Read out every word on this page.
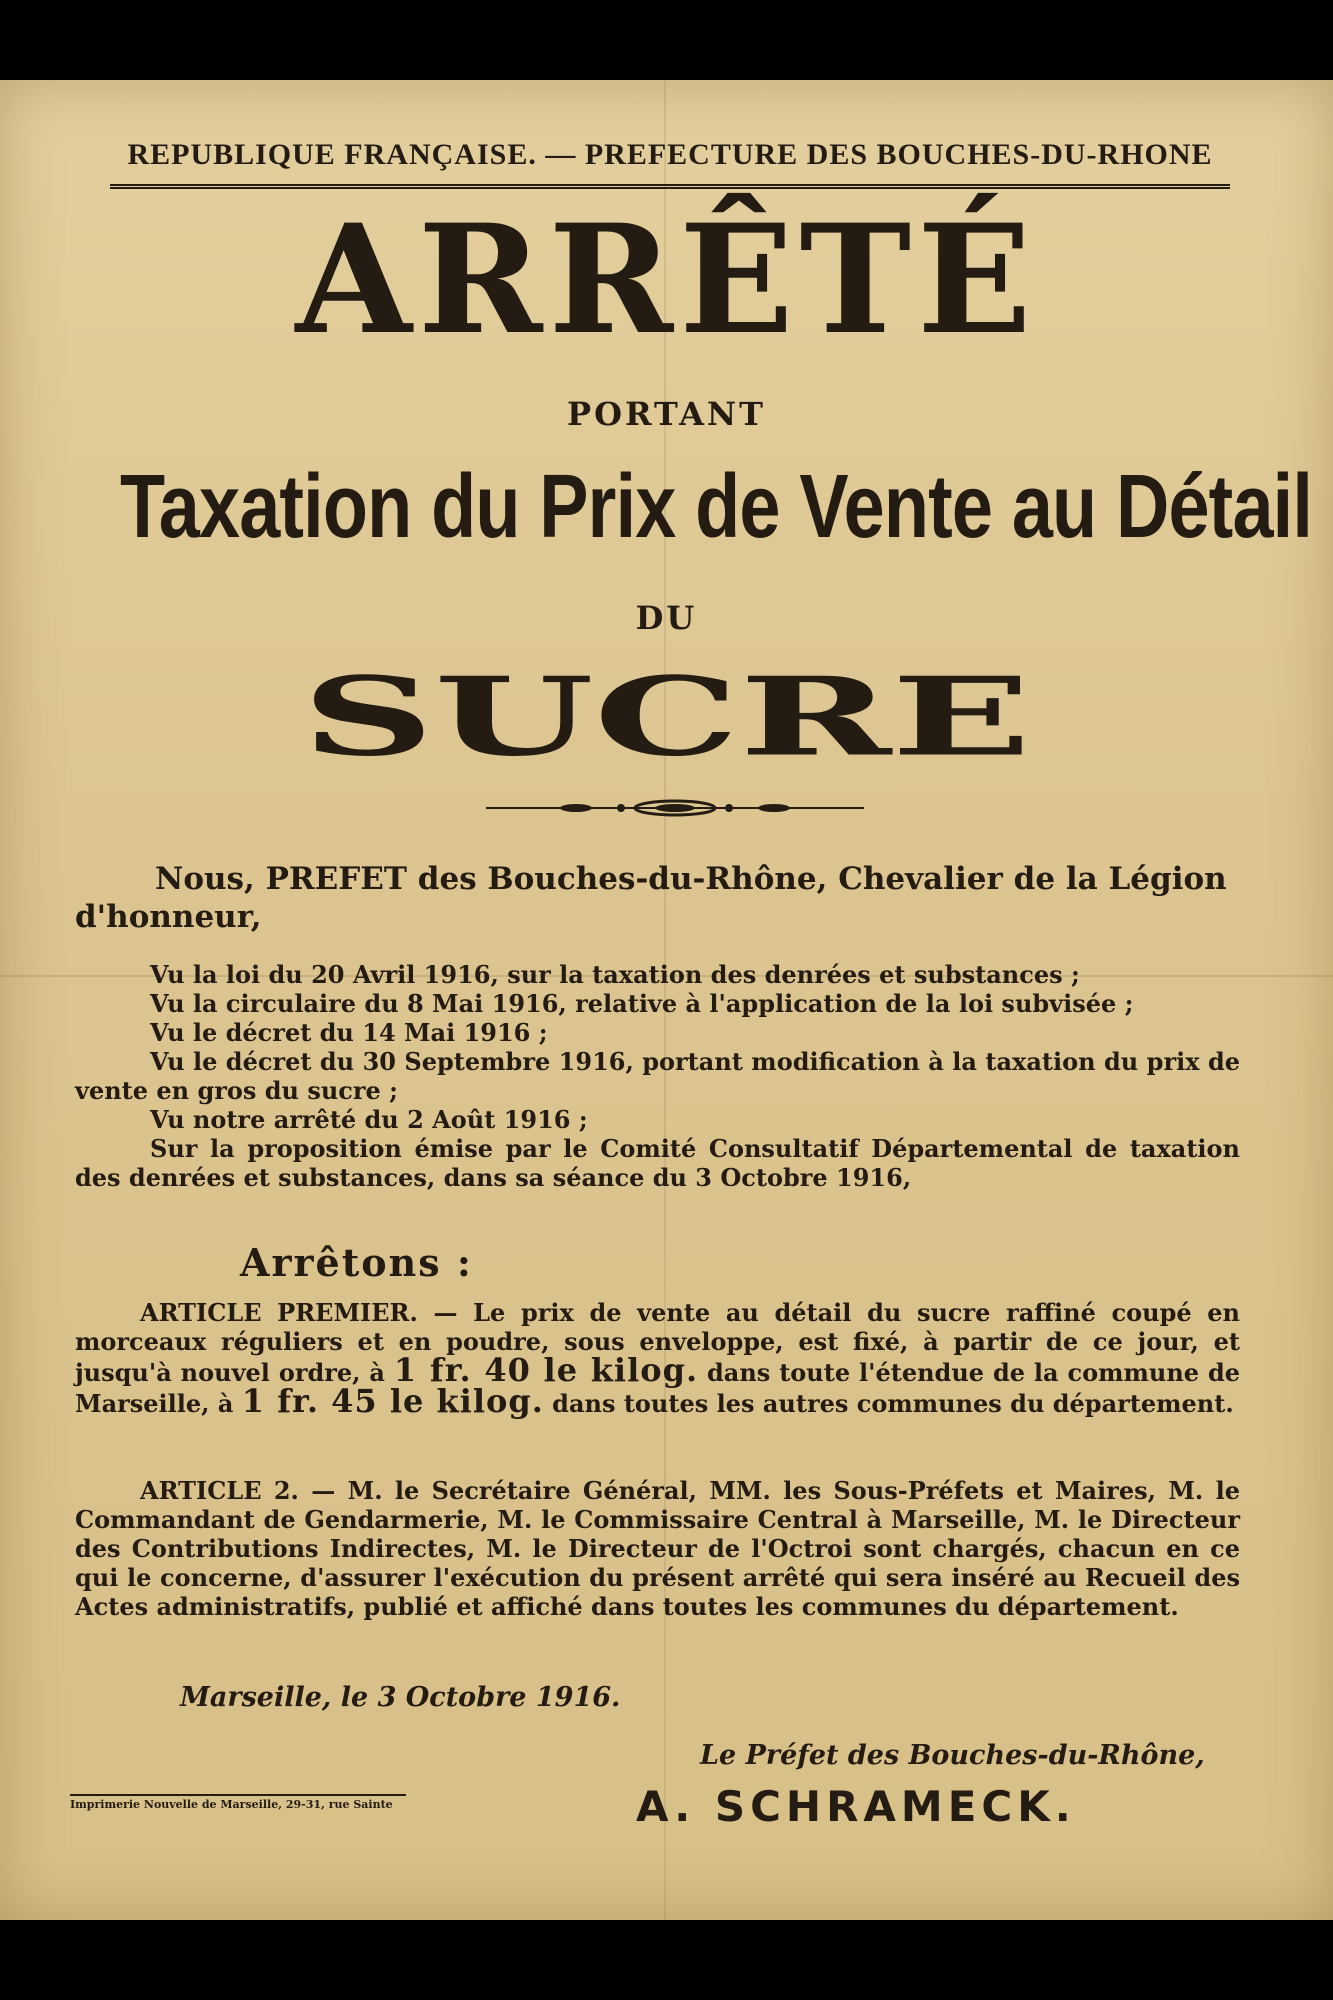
REPUBLIQUE FRANÇAISE. — PREFECTURE DES BOUCHES-DU-RHONE
ARRÊTÉ
PORTANT
Taxation du Prix de Vente au Détail
DU
SUCRE
Nous, PREFET des Bouches-du-Rhône, Chevalier de la Légion d'honneur,

Vu la loi du 20 Avril 1916, sur la taxation des denrées et substances ;

Vu la circulaire du 8 Mai 1916, relative à l'application de la loi subvisée ;

Vu le décret du 14 Mai 1916 ;

Vu le décret du 30 Septembre 1916, portant modification à la taxation du prix de vente en gros du sucre ;

Vu notre arrêté du 2 Août 1916 ;

Sur la proposition émise par le Comité Consultatif Départemental de taxation des denrées et substances, dans sa séance du 3 Octobre 1916,

Arrêtons :

ARTICLE PREMIER. — Le prix de vente au détail du sucre raffiné coupé en morceaux réguliers et en poudre, sous enveloppe, est fixé, à partir de ce jour, et jusqu'à nouvel ordre, à 1 fr. 40 le kilog. dans toute l'étendue de la commune de Marseille, à 1 fr. 45 le kilog. dans toutes les autres communes du département.

ARTICLE 2. — M. le Secrétaire Général, MM. les Sous-Préfets et Maires, M. le Commandant de Gendarmerie, M. le Commissaire Central à Marseille, M. le Directeur des Contributions Indirectes, M. le Directeur de l'Octroi sont chargés, chacun en ce qui le concerne, d'assurer l'exécution du présent arrêté qui sera inséré au Recueil des Actes administratifs, publié et affiché dans toutes les communes du département.

Marseille, le 3 Octobre 1916.
Le Préfet des Bouches-du-Rhône,
A. SCHRAMECK.
Imprimerie Nouvelle de Marseille, 29-31, rue Sainte
